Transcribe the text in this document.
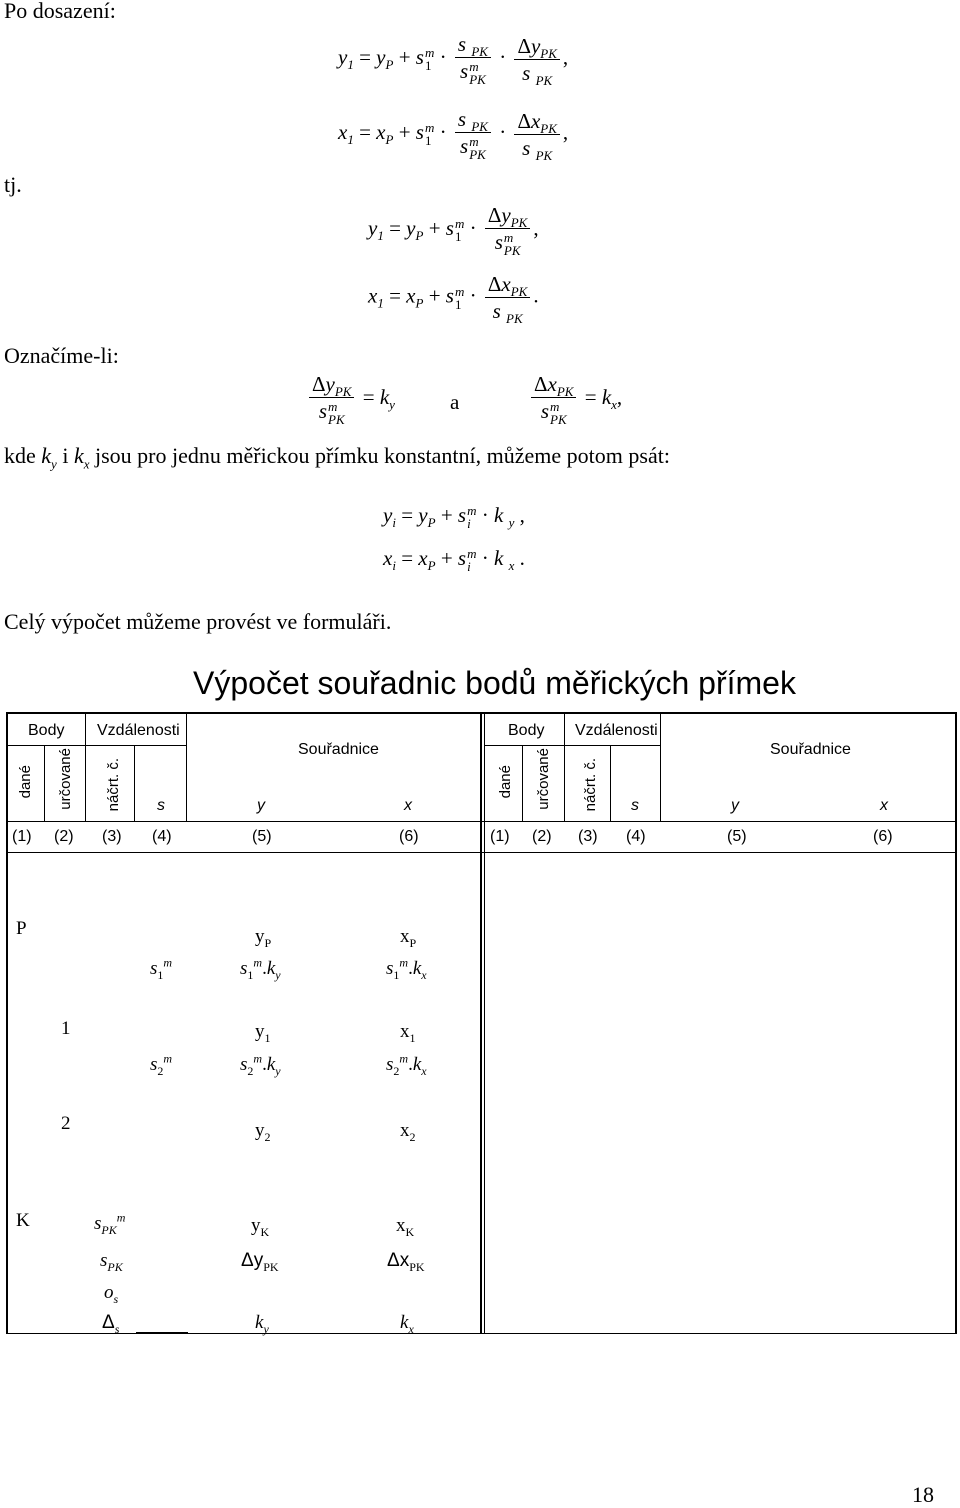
Po dosazení:
$y_1 = y_P + s$ m
1 · s $_{PK}$
s m
PK · $\frac{\Delta y_{PK}}{s _{PK}}$ ,
$x_1 = x_P + s$ m
1 · s $_{PK}$
s m
PK · $\frac{\Delta x_{PK}}{s _{PK}}$ ,
tj.
$y_1 = y_P + s$ m
$1 \cdot \Delta y_{PK}$
s m
PK ,
$x_1 = x_P + s$ m
$1 \cdot \frac{\Delta x_{PK}}{s _{PK}}$ .
Označíme-li:
$\Delta y_{PK}$
s m
PK = $k_y$	a	$\Delta x_{PK}$
s m
PK = $k_x$,
kde $k_y$ i $k_x$ jsou pro jednu měřickou přímku konstantní, můžeme potom psát:
$y_i = y_P + s$ m
i · k $_y$ ,
$x_i = x_P + s$ m
i · k $_x$ .
Celý výpočet můžeme provést ve formuláři.
Výpočet souřadnic bodů měřických přímek
Body Vzdálenosti
Souřadnice
dané určované náčrt. č. s	y	x
Body Vzdálenosti
Souřadnice
dané určované náčrt. č. s	y	x
(1) (2) (3) (4)	(5)	(6)	(1) (2) (3) (4)	(5)	(6)
P	$y_P$	$x_P$
$s_1^m$	$s_1^m.k_y$	$s_1^m.k_x$
1	$y_1$	$x_1$
$s_2^m$	$s_2^m.k_y$	$s_2^m.k_x$
2	$y_2$	$x_2$
K	$s_{PK}^m$	$y_K$	$x_K$
$s_{PK}$	$\Delta y_{PK}$	$\Delta x_{PK}$
$o_s$
$\Delta_s$	$k_y$	$k_x$
18
